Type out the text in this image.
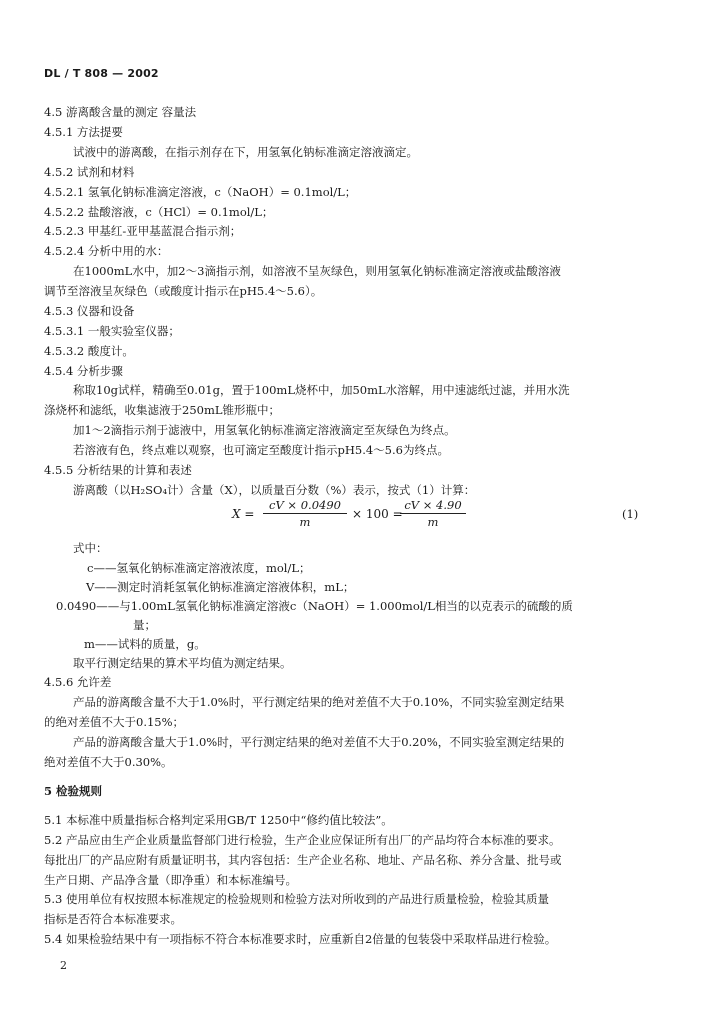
DL / T 808 — 2002
4.5 游离酸含量的测定 容量法
4.5.1 方法提要
试液中的游离酸，在指示剂存在下，用氢氧化钠标准滴定溶液滴定。
4.5.2 试剂和材料
4.5.2.1 氢氧化钠标准滴定溶液，c（NaOH）= 0.1mol/L；
4.5.2.2 盐酸溶液，c（HCl）= 0.1mol/L；
4.5.2.3 甲基红-亚甲基蓝混合指示剂；
4.5.2.4 分析中用的水：
在1000mL水中，加2～3滴指示剂，如溶液不呈灰绿色，则用氢氧化钠标准滴定溶液或盐酸溶液
调节至溶液呈灰绿色（或酸度计指示在pH5.4～5.6）。
4.5.3 仪器和设备
4.5.3.1 一般实验室仪器；
4.5.3.2 酸度计。
4.5.4 分析步骤
称取10g试样，精确至0.01g，置于100mL烧杯中，加50mL水溶解，用中速滤纸过滤，并用水洗
涤烧杯和滤纸，收集滤液于250mL锥形瓶中；
加1～2滴指示剂于滤液中，用氢氧化钠标准滴定溶液滴定至灰绿色为终点。
若溶液有色，终点难以观察，也可滴定至酸度计指示pH5.4～5.6为终点。
4.5.5 分析结果的计算和表述
游离酸（以H₂SO₄计）含量（X），以质量百分数（%）表示，按式（1）计算：
$X = \frac{cV \times 0.0490}{m} \times 100$ =
$\frac{cV \times 4.90}{m}$	(1)
式中：
c——氢氧化钠标准滴定溶液浓度，mol/L；
V——测定时消耗氢氧化钠标准滴定溶液体积，mL；
0.0490——与1.00mL氢氧化钠标准滴定溶液c（NaOH）= 1.000mol/L相当的以克表示的硫酸的质
量；
m——试料的质量，g。
取平行测定结果的算术平均值为测定结果。
4.5.6 允许差
产品的游离酸含量不大于1.0%时，平行测定结果的绝对差值不大于0.10%，不同实验室测定结果
的绝对差值不大于0.15%；
产品的游离酸含量大于1.0%时，平行测定结果的绝对差值不大于0.20%，不同实验室测定结果的
绝对差值不大于0.30%。
5 检验规则
5.1 本标准中质量指标合格判定采用GB/T 1250中“修约值比较法”。
5.2 产品应由生产企业质量监督部门进行检验，生产企业应保证所有出厂的产品均符合本标准的要求。
每批出厂的产品应附有质量证明书，其内容包括：生产企业名称、地址、产品名称、养分含量、批号或
生产日期、产品净含量（即净重）和本标准编号。
5.3 使用单位有权按照本标准规定的检验规则和检验方法对所收到的产品进行质量检验，检验其质量
指标是否符合本标准要求。
5.4 如果检验结果中有一项指标不符合本标准要求时，应重新自2倍量的包装袋中采取样品进行检验。
2
